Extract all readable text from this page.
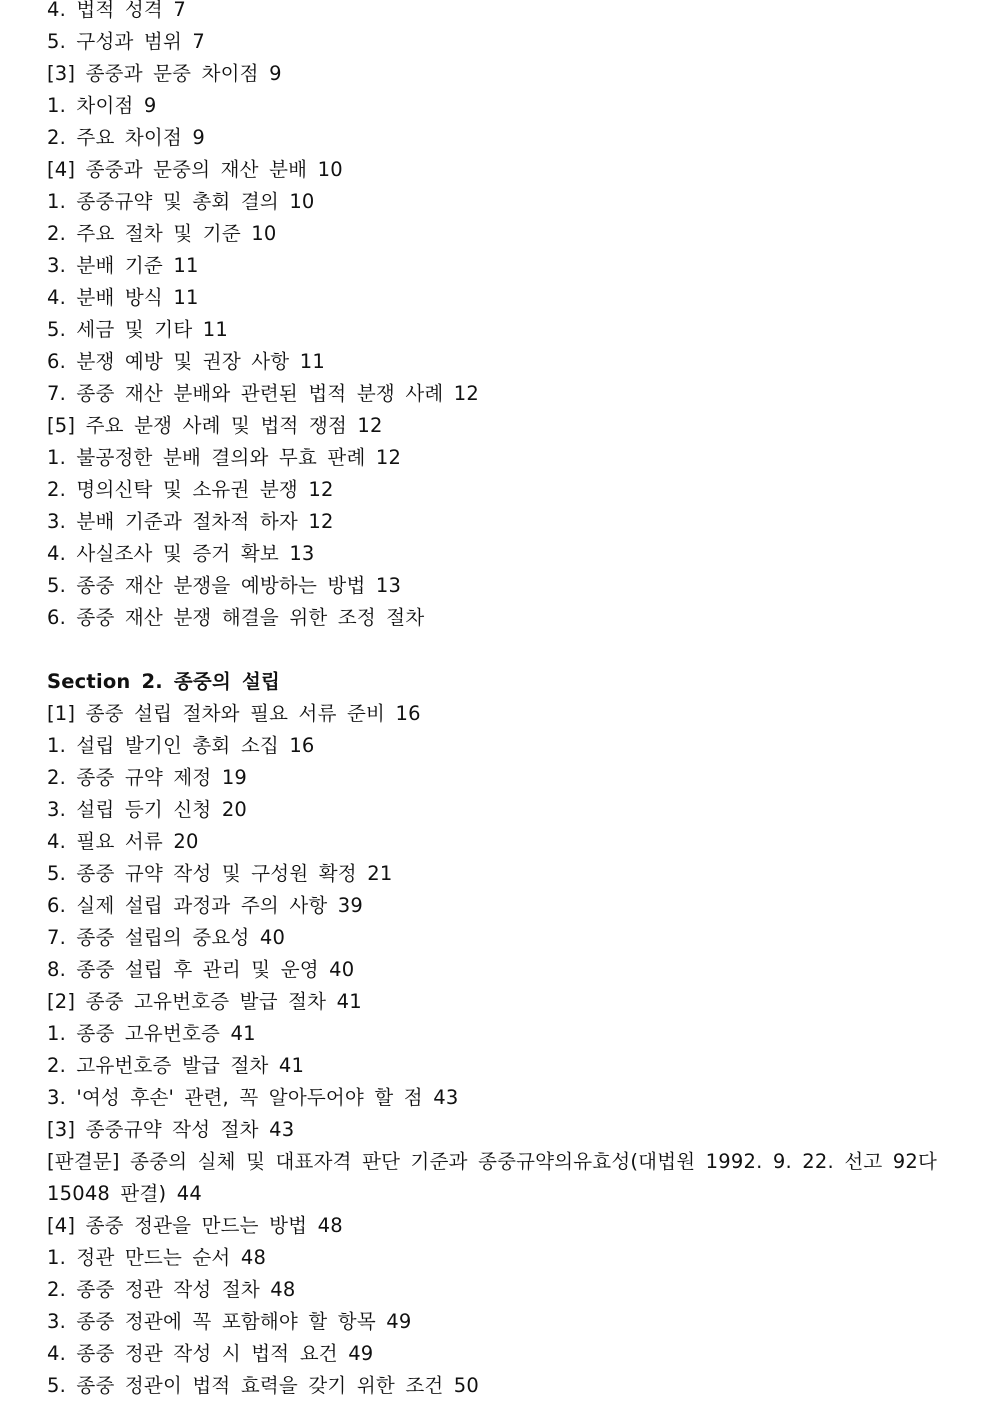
4. 법적 성격 7
5. 구성과 범위 7
[3] 종중과 문중 차이점 9
1. 차이점 9
2. 주요 차이점 9
[4] 종중과 문중의 재산 분배 10
1. 종중규약 및 총회 결의 10
2. 주요 절차 및 기준 10
3. 분배 기준 11
4. 분배 방식 11
5. 세금 및 기타 11
6. 분쟁 예방 및 권장 사항 11
7. 종중 재산 분배와 관련된 법적 분쟁 사례 12
[5] 주요 분쟁 사례 및 법적 쟁점 12
1. 불공정한 분배 결의와 무효 판례 12
2. 명의신탁 및 소유권 분쟁 12
3. 분배 기준과 절차적 하자 12
4. 사실조사 및 증거 확보 13
5. 종중 재산 분쟁을 예방하는 방법 13
6. 종중 재산 분쟁 해결을 위한 조정 절차
Section 2. 종중의 설립
[1] 종중 설립 절차와 필요 서류 준비 16
1. 설립 발기인 총회 소집 16
2. 종중 규약 제정 19
3. 설립 등기 신청 20
4. 필요 서류 20
5. 종중 규약 작성 및 구성원 확정 21
6. 실제 설립 과정과 주의 사항 39
7. 종중 설립의 중요성 40
8. 종중 설립 후 관리 및 운영 40
[2] 종중 고유번호증 발급 절차 41
1. 종중 고유번호증 41
2. 고유번호증 발급 절차 41
3. '여성 후손' 관련, 꼭 알아두어야 할 점 43
[3] 종중규약 작성 절차 43
[판결문] 종중의 실체 및 대표자격 판단 기준과 종중규약의유효성(대법원 1992. 9. 22. 선고 92다 15048 판결) 44
[4] 종중 정관을 만드는 방법 48
1. 정관 만드는 순서 48
2. 종중 정관 작성 절차 48
3. 종중 정관에 꼭 포함해야 할 항목 49
4. 종중 정관 작성 시 법적 요건 49
5. 종중 정관이 법적 효력을 갖기 위한 조건 50
